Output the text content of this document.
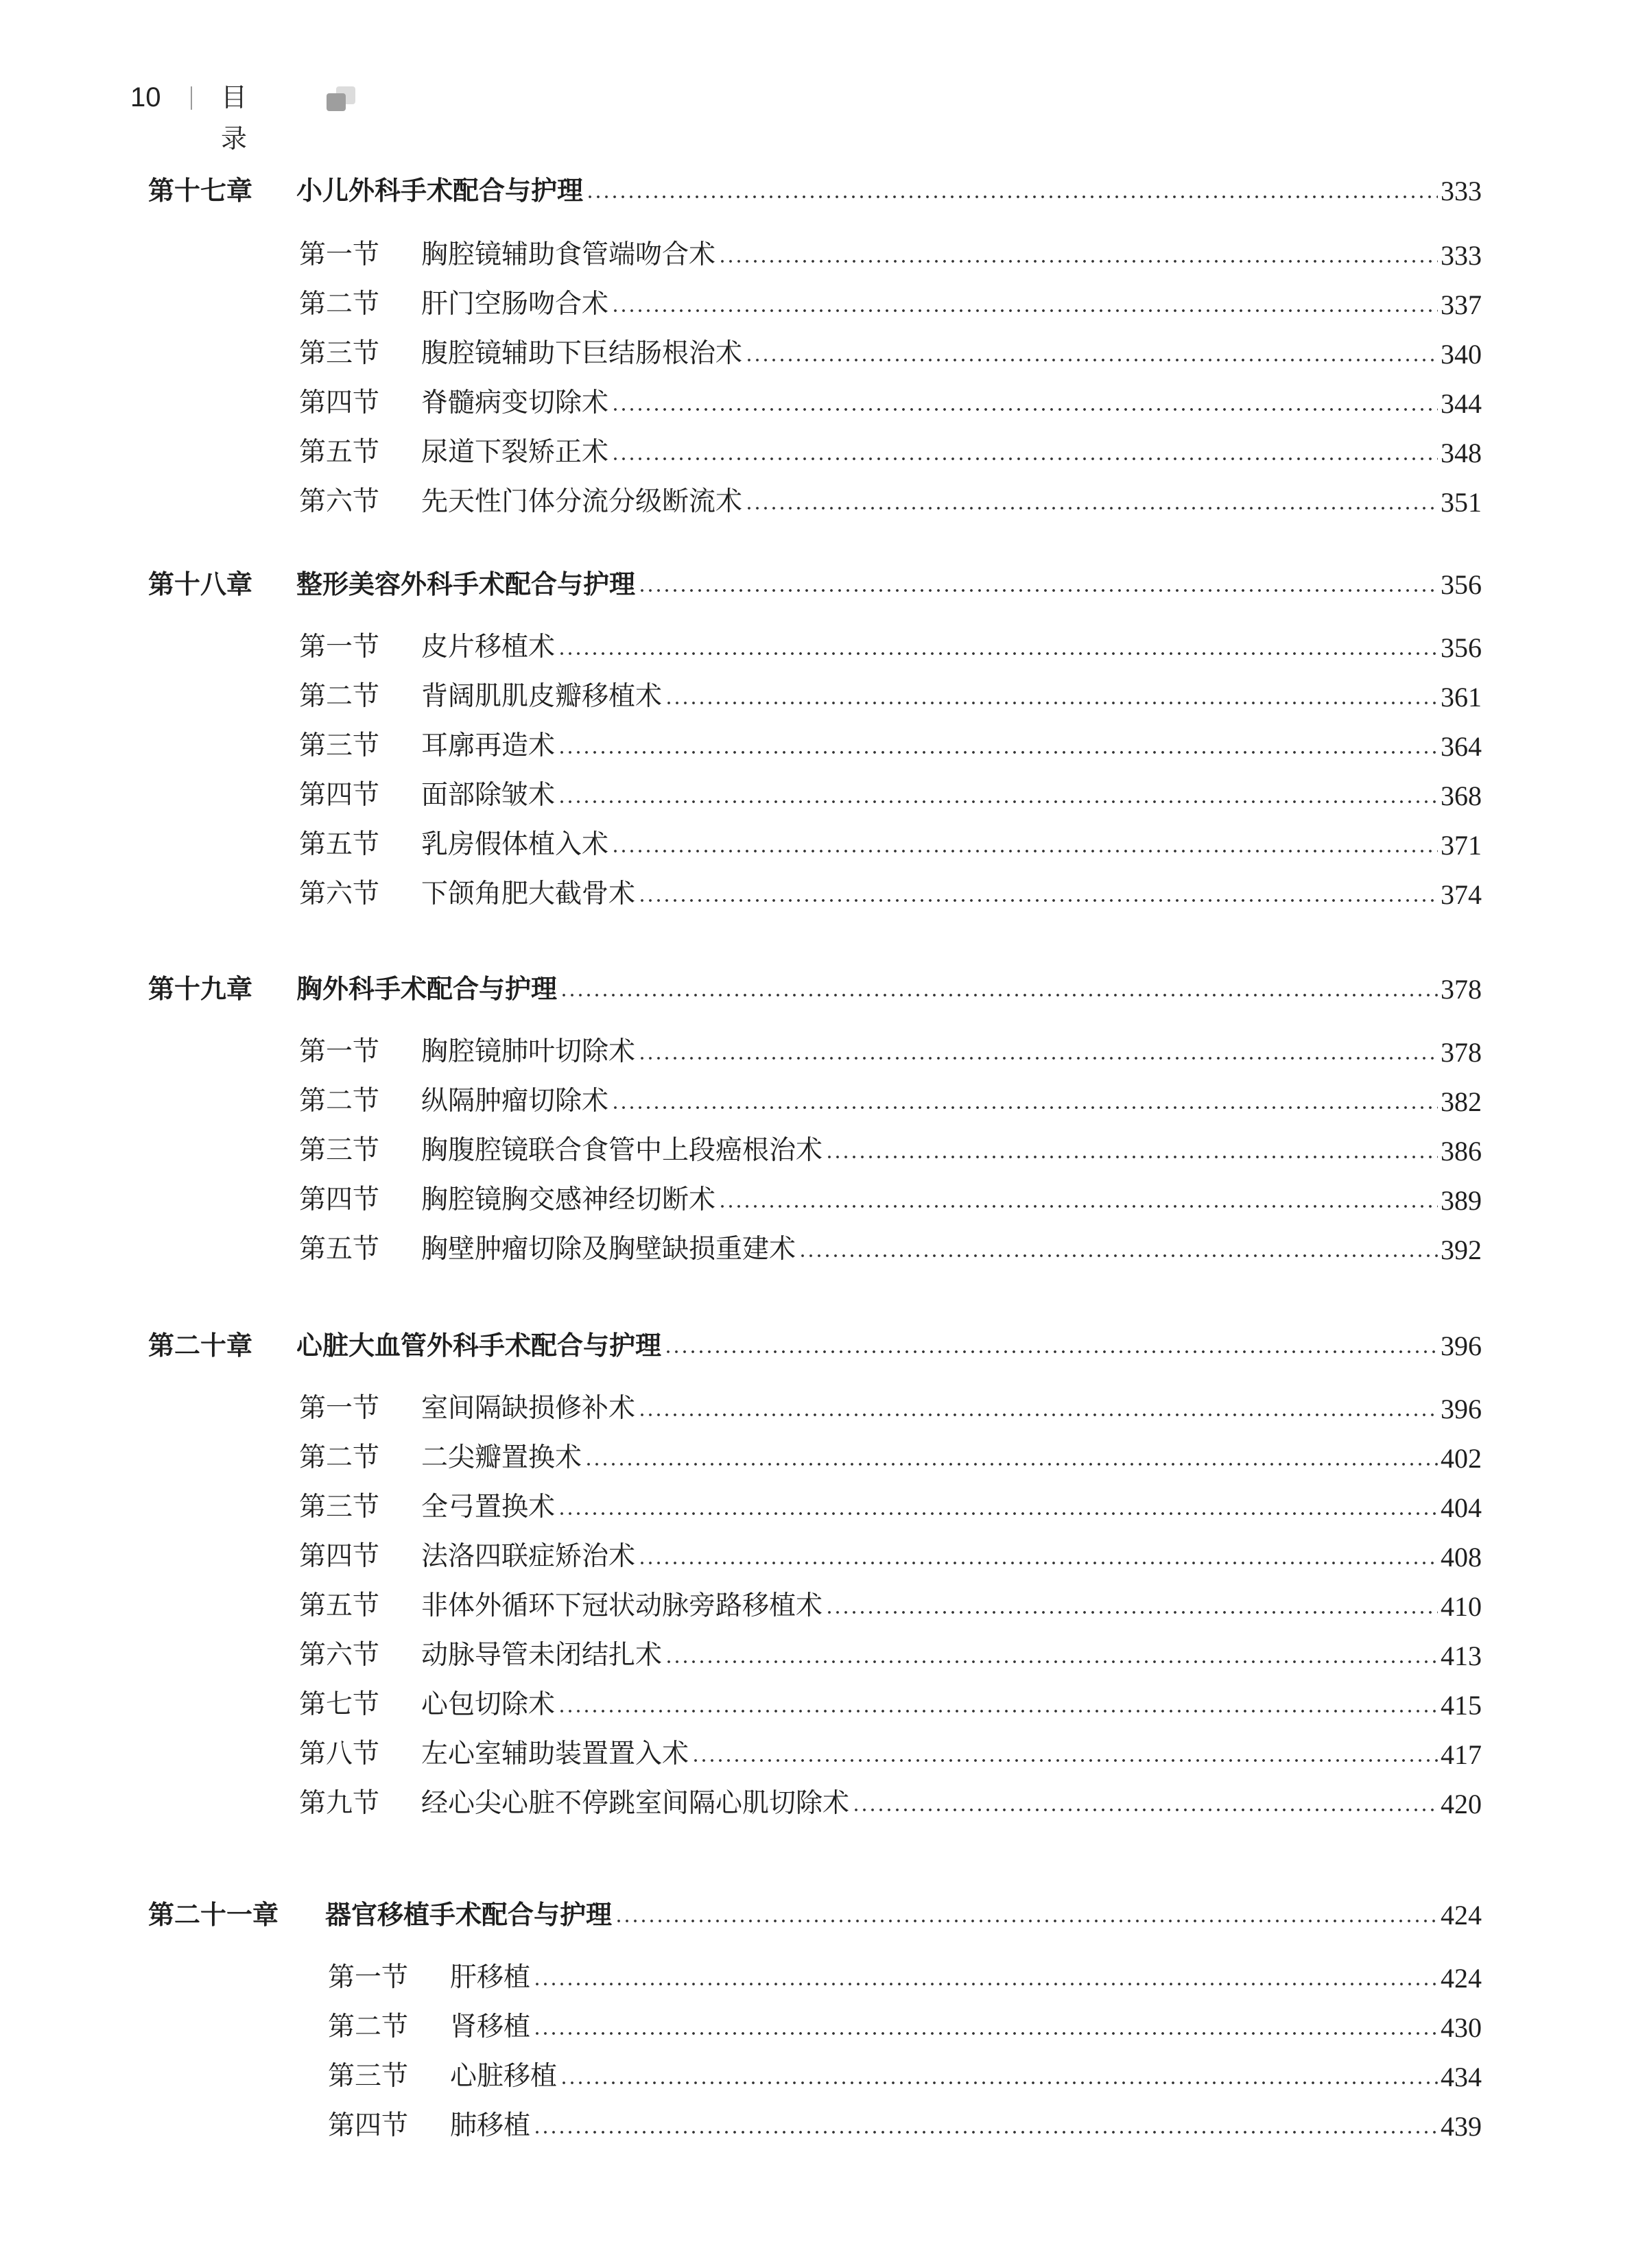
10 目 录
第十七章	小儿外科手术配合与护理	333
第一节	胸腔镜辅助食管端吻合术	333
第二节	肝门空肠吻合术	337
第三节	腹腔镜辅助下巨结肠根治术	340
第四节	脊髓病变切除术	344
第五节	尿道下裂矫正术	348
第六节	先天性门体分流分级断流术	351
第十八章	整形美容外科手术配合与护理	356
第一节	皮片移植术	356
第二节	背阔肌肌皮瓣移植术	361
第三节	耳廓再造术	364
第四节	面部除皱术	368
第五节	乳房假体植入术	371
第六节	下颌角肥大截骨术	374
第十九章	胸外科手术配合与护理	378
第一节	胸腔镜肺叶切除术	378
第二节	纵隔肿瘤切除术	382
第三节	胸腹腔镜联合食管中上段癌根治术	386
第四节	胸腔镜胸交感神经切断术	389
第五节	胸壁肿瘤切除及胸壁缺损重建术	392
第二十章	心脏大血管外科手术配合与护理	396
第一节	室间隔缺损修补术	396
第二节	二尖瓣置换术	402
第三节	全弓置换术	404
第四节	法洛四联症矫治术	408
第五节	非体外循环下冠状动脉旁路移植术	410
第六节	动脉导管未闭结扎术	413
第七节	心包切除术	415
第八节	左心室辅助装置置入术	417
第九节	经心尖心脏不停跳室间隔心肌切除术	420
第二十一章	器官移植手术配合与护理	424
第一节	肝移植	424
第二节	肾移植	430
第三节	心脏移植	434
第四节	肺移植	439
